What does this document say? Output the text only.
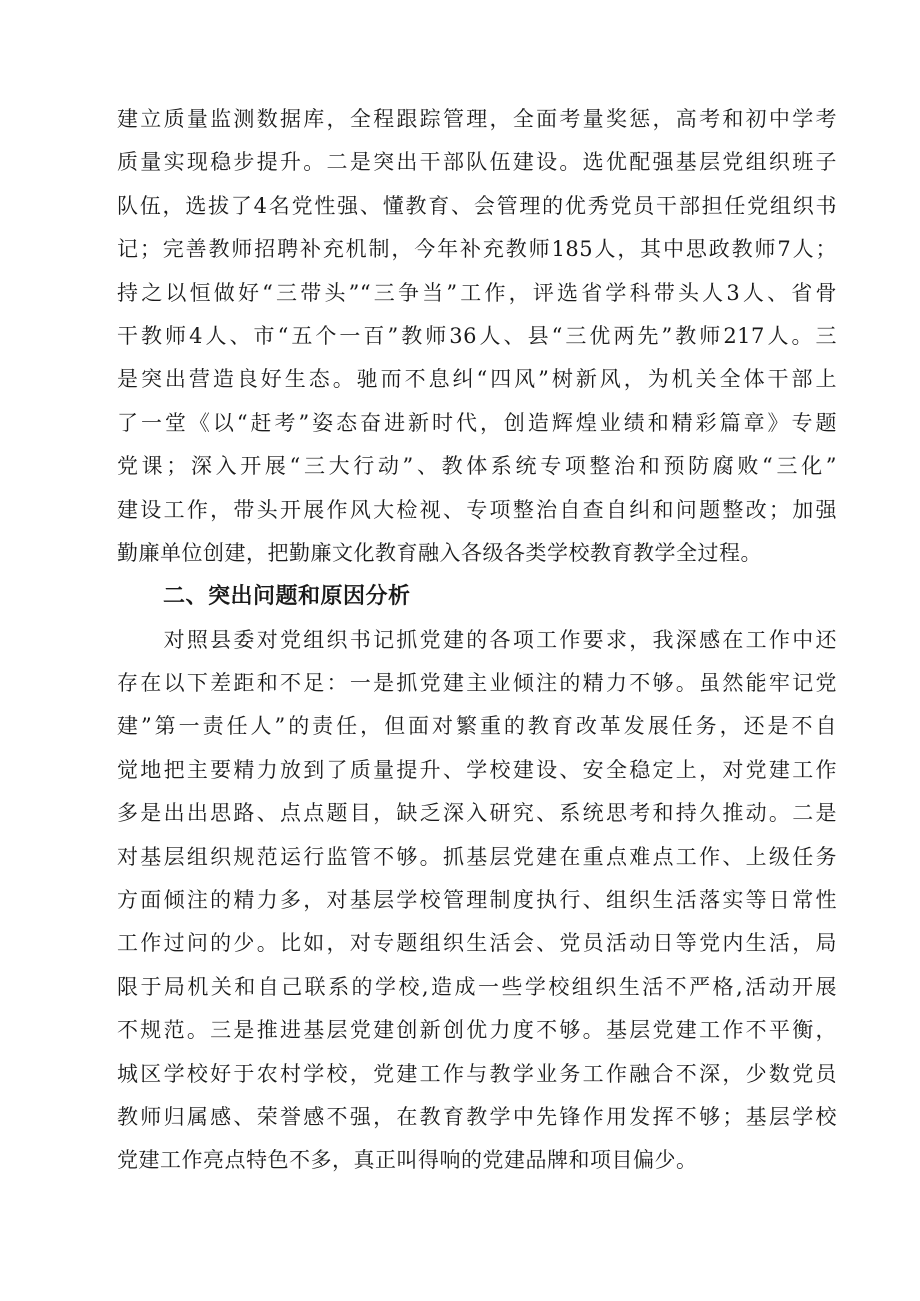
建立质量监测数据库，全程跟踪管理，全面考量奖惩，高考和初中学考
质量实现稳步提升。二是突出干部队伍建设。选优配强基层党组织班子
队伍，选拔了4名党性强、懂教育、会管理的优秀党员干部担任党组织书
记；完善教师招聘补充机制，今年补充教师185人，其中思政教师7人；
持之以恒做好“三带头”“三争当”工作，评选省学科带头人3人、省骨
干教师4人、市“五个一百”教师36人、县“三优两先”教师217人。三
是突出营造良好生态。驰而不息纠“四风”树新风，为机关全体干部上
了一堂《以“赶考”姿态奋进新时代，创造辉煌业绩和精彩篇章》专题
党课；深入开展“三大行动”、教体系统专项整治和预防腐败“三化”
建设工作，带头开展作风大检视、专项整治自查自纠和问题整改；加强
勤廉单位创建，把勤廉文化教育融入各级各类学校教育教学全过程。
二、突出问题和原因分析
　　对照县委对党组织书记抓党建的各项工作要求，我深感在工作中还
存在以下差距和不足：一是抓党建主业倾注的精力不够。虽然能牢记党
建”第一责任人”的责任，但面对繁重的教育改革发展任务，还是不自
觉地把主要精力放到了质量提升、学校建设、安全稳定上，对党建工作
多是出出思路、点点题目，缺乏深入研究、系统思考和持久推动。二是
对基层组织规范运行监管不够。抓基层党建在重点难点工作、上级任务
方面倾注的精力多，对基层学校管理制度执行、组织生活落实等日常性
工作过问的少。比如，对专题组织生活会、党员活动日等党内生活，局
限于局机关和自己联系的学校,造成一些学校组织生活不严格,活动开展
不规范。三是推进基层党建创新创优力度不够。基层党建工作不平衡，
城区学校好于农村学校，党建工作与教学业务工作融合不深，少数党员
教师归属感、荣誉感不强，在教育教学中先锋作用发挥不够；基层学校
党建工作亮点特色不多，真正叫得响的党建品牌和项目偏少。
